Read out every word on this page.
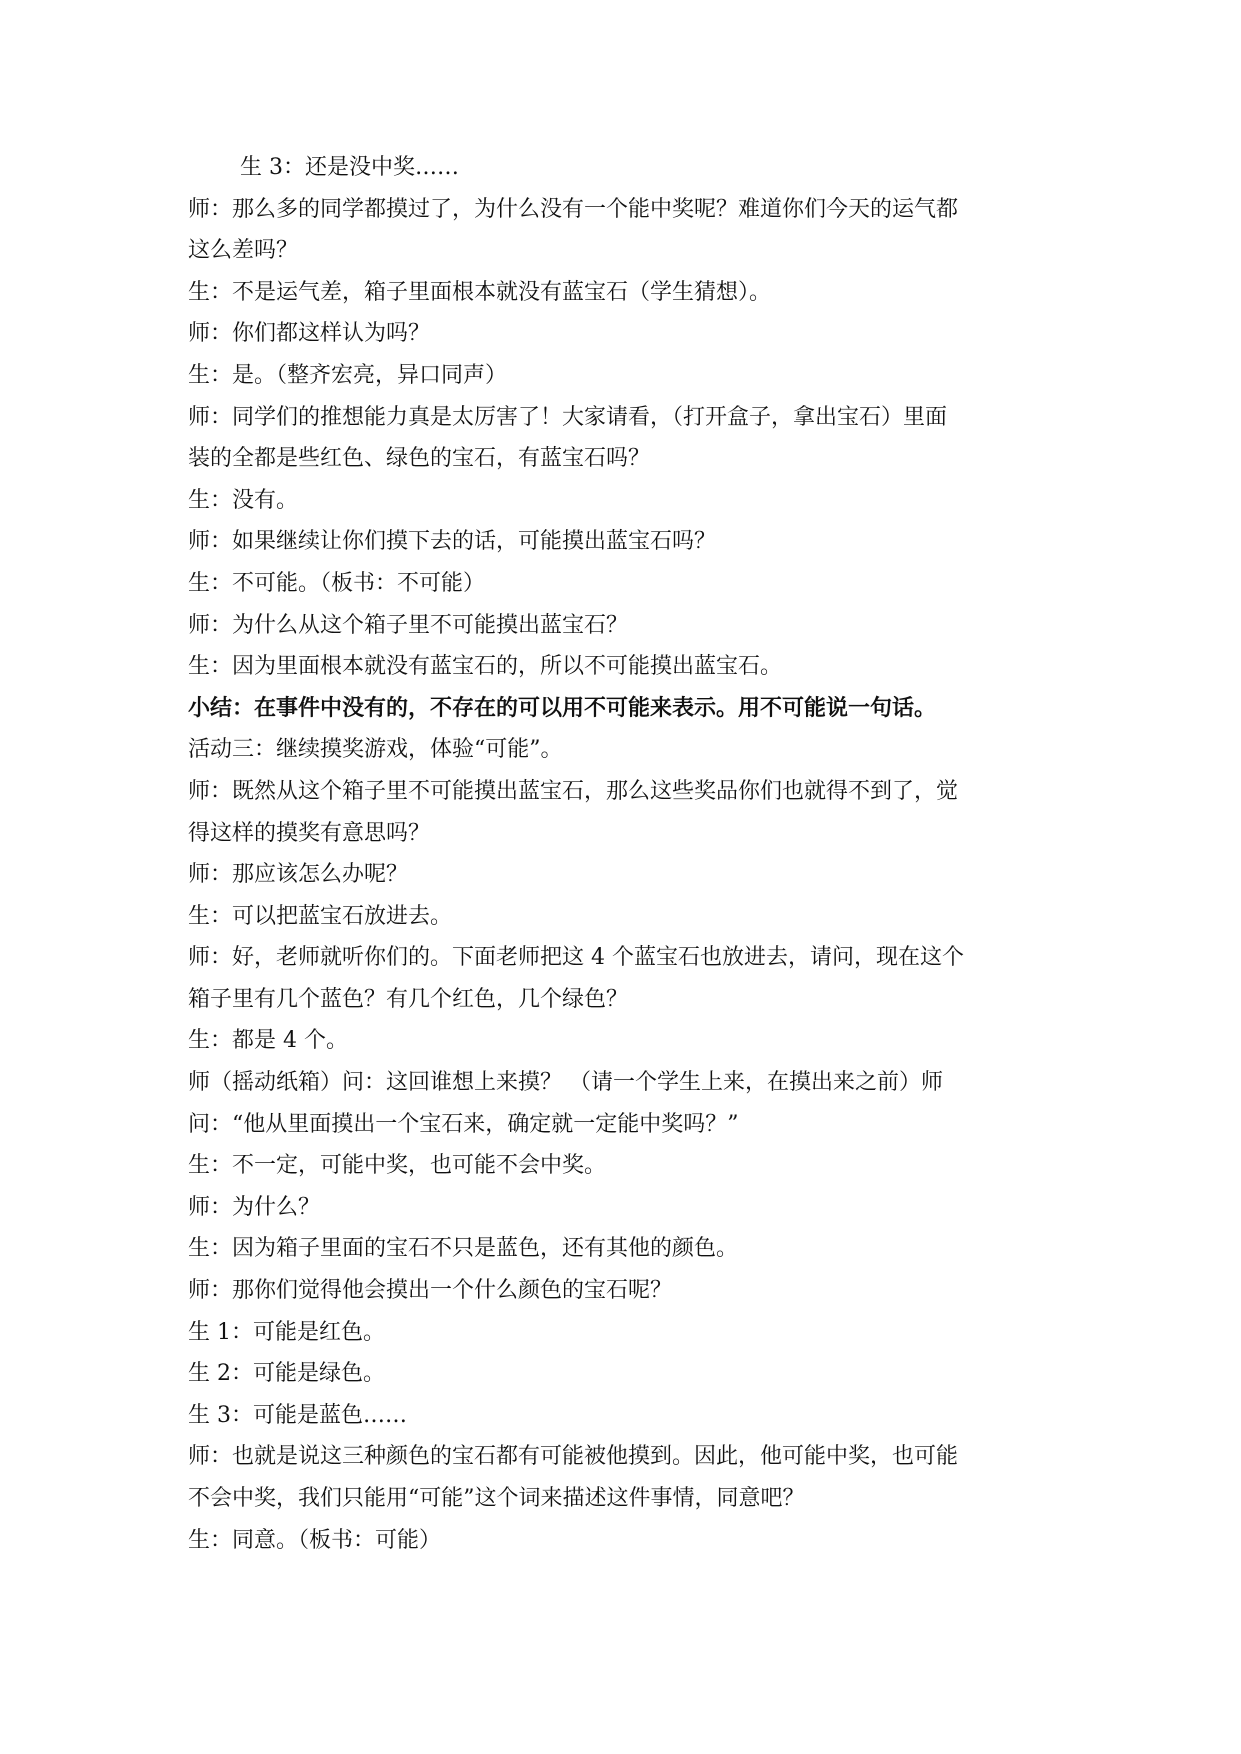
生 3：还是没中奖……

师：那么多的同学都摸过了，为什么没有一个能中奖呢？难道你们今天的运气都

这么差吗？

生：不是运气差，箱子里面根本就没有蓝宝石（学生猜想）。

师：你们都这样认为吗？

生：是。（整齐宏亮，异口同声）

师：同学们的推想能力真是太厉害了！大家请看，（打开盒子，拿出宝石）里面

装的全都是些红色、绿色的宝石，有蓝宝石吗？

生：没有。

师：如果继续让你们摸下去的话，可能摸出蓝宝石吗？

生：不可能。（板书：不可能）

师：为什么从这个箱子里不可能摸出蓝宝石？

生：因为里面根本就没有蓝宝石的，所以不可能摸出蓝宝石。

小结：在事件中没有的，不存在的可以用不可能来表示。用不可能说一句话。

活动三：继续摸奖游戏，体验“可能”。

师：既然从这个箱子里不可能摸出蓝宝石，那么这些奖品你们也就得不到了，觉

得这样的摸奖有意思吗？

师：那应该怎么办呢？

生：可以把蓝宝石放进去。

师：好，老师就听你们的。下面老师把这 4 个蓝宝石也放进去，请问，现在这个

箱子里有几个蓝色？有几个红色，几个绿色？

生：都是 4 个。

师（摇动纸箱）问：这回谁想上来摸？ （请一个学生上来，在摸出来之前）师

问：“他从里面摸出一个宝石来，确定就一定能中奖吗？”

生：不一定，可能中奖，也可能不会中奖。

师：为什么？

生：因为箱子里面的宝石不只是蓝色，还有其他的颜色。

师：那你们觉得他会摸出一个什么颜色的宝石呢？

生 1：可能是红色。

生 2：可能是绿色。

生 3：可能是蓝色……

师：也就是说这三种颜色的宝石都有可能被他摸到。因此，他可能中奖，也可能

不会中奖，我们只能用“可能”这个词来描述这件事情，同意吧？

生：同意。（板书：可能）
